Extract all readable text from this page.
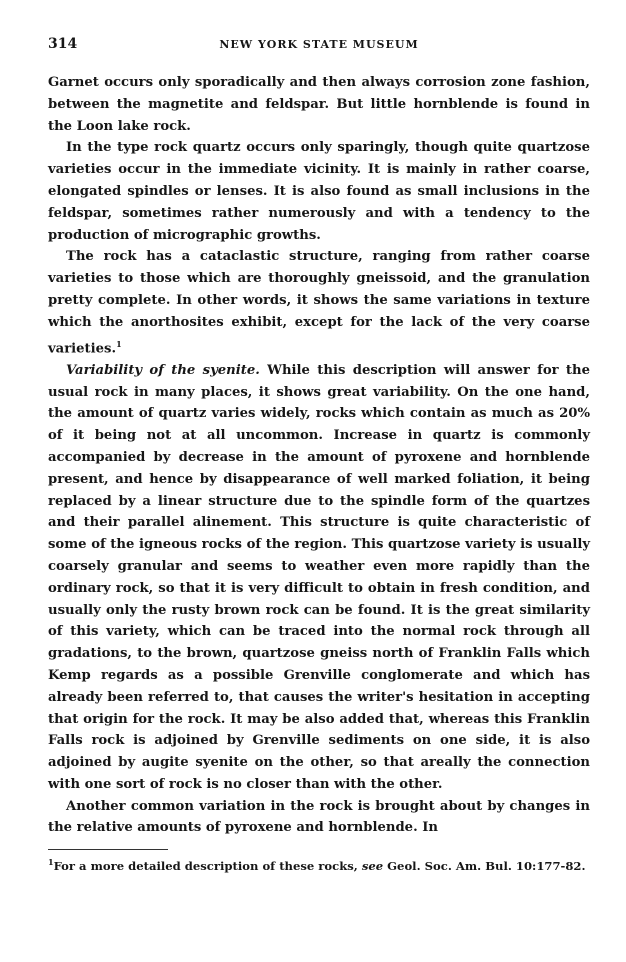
314	NEW YORK STATE MUSEUM

Garnet occurs only sporadically and then always corrosion zone fashion, between the magnetite and feldspar. But little hornblende is found in the Loon lake rock.

In the type rock quartz occurs only sparingly, though quite quartzose varieties occur in the immediate vicinity. It is mainly in rather coarse, elongated spindles or lenses. It is also found as small inclusions in the feldspar, sometimes rather numerously and with a tendency to the production of micrographic growths.

The rock has a cataclastic structure, ranging from rather coarse varieties to those which are thoroughly gneissoid, and the granulation pretty complete. In other words, it shows the same variations in texture which the anorthosites exhibit, except for the lack of the very coarse varieties.$^1$

Variability of the syenite. While this description will answer for the usual rock in many places, it shows great variability. On the one hand, the amount of quartz varies widely, rocks which contain as much as 20% of it being not at all uncommon. Increase in quartz is commonly accompanied by decrease in the amount of pyroxene and hornblende present, and hence by disappearance of well marked foliation, it being replaced by a linear structure due to the spindle form of the quartzes and their parallel alinement. This structure is quite characteristic of some of the igneous rocks of the region. This quartzose variety is usually coarsely granular and seems to weather even more rapidly than the ordinary rock, so that it is very difficult to obtain in fresh condition, and usually only the rusty brown rock can be found. It is the great similarity of this variety, which can be traced into the normal rock through all gradations, to the brown, quartzose gneiss north of Franklin Falls which Kemp regards as a possible Grenville conglomerate and which has already been referred to, that causes the writer's hesitation in accepting that origin for the rock. It may be also added that, whereas this Franklin Falls rock is adjoined by Grenville sediments on one side, it is also adjoined by augite syenite on the other, so that areally the connection with one sort of rock is no closer than with the other.

Another common variation in the rock is brought about by changes in the relative amounts of pyroxene and hornblende. In

$^1$For a more detailed description of these rocks, see Geol. Soc. Am. Bul. 10:177-82.
